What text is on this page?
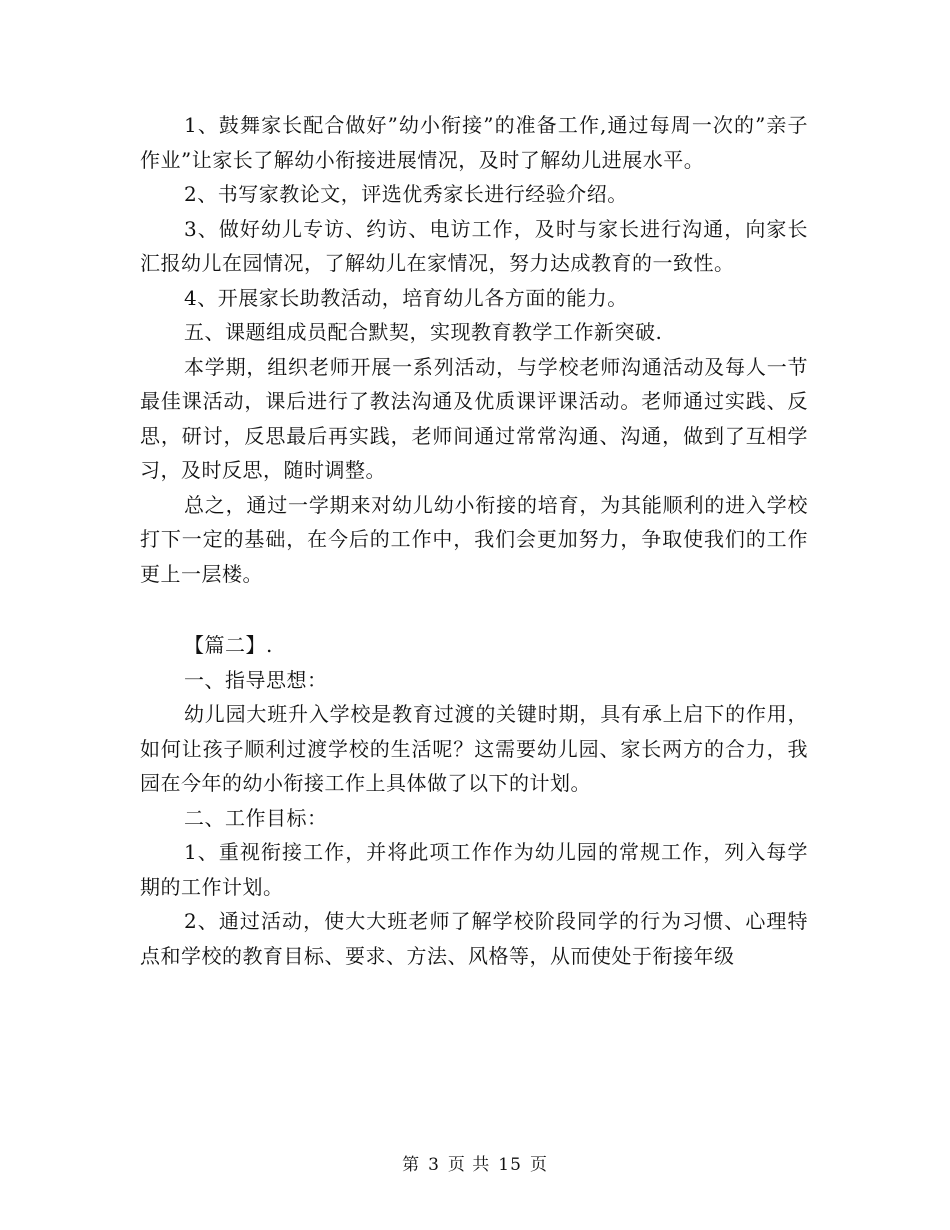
1、鼓舞家长配合做好”幼小衔接”的准备工作,通过每周一次的”亲子作业”让家长了解幼小衔接进展情况，及时了解幼儿进展水平。

2、书写家教论文，评选优秀家长进行经验介绍。

3、做好幼儿专访、约访、电访工作，及时与家长进行沟通，向家长汇报幼儿在园情况，了解幼儿在家情况，努力达成教育的一致性。

4、开展家长助教活动，培育幼儿各方面的能力。

五、课题组成员配合默契，实现教育教学工作新突破.

本学期，组织老师开展一系列活动，与学校老师沟通活动及每人一节最佳课活动，课后进行了教法沟通及优质课评课活动。老师通过实践、反思，研讨，反思最后再实践，老师间通过常常沟通、沟通，做到了互相学习，及时反思，随时调整。

总之，通过一学期来对幼儿幼小衔接的培育，为其能顺利的进入学校打下一定的基础，在今后的工作中，我们会更加努力，争取使我们的工作更上一层楼。

【篇二】.

一、指导思想：

幼儿园大班升入学校是教育过渡的关键时期，具有承上启下的作用，如何让孩子顺利过渡学校的生活呢？这需要幼儿园、家长两方的合力，我园在今年的幼小衔接工作上具体做了以下的计划。

二、工作目标：

1、重视衔接工作，并将此项工作作为幼儿园的常规工作，列入每学期的工作计划。

2、通过活动，使大大班老师了解学校阶段同学的行为习惯、心理特点和学校的教育目标、要求、方法、风格等，从而使处于衔接年级

第 3 页 共 15 页
